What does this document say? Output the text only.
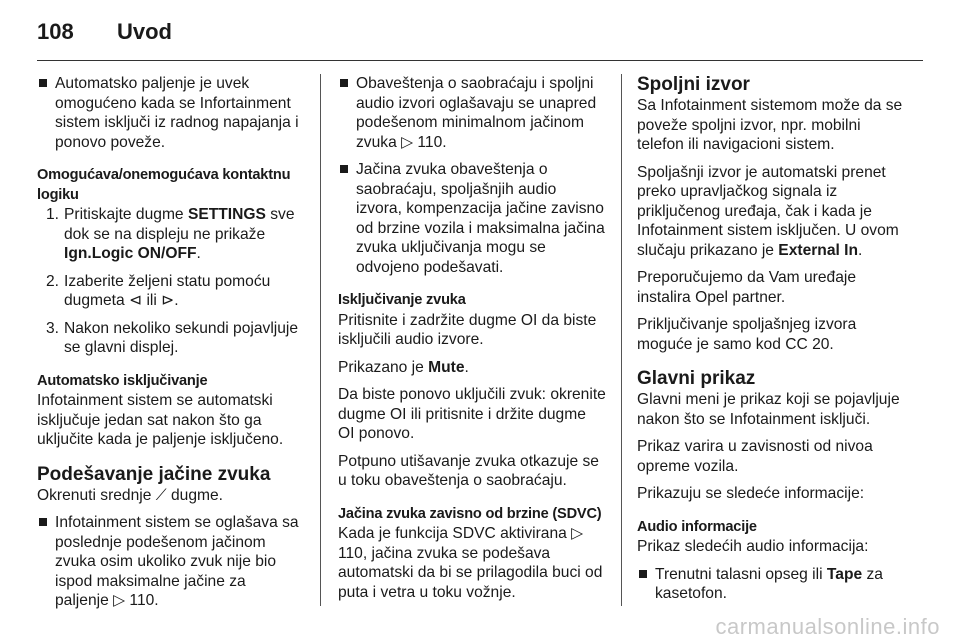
108	Uvod
Automatsko paljenje je uvek omogućeno kada se Infortainment sistem isključi iz radnog napajanja i ponovo poveže.
Omogućava/onemogućava kontaktnu logiku
1. Pritiskajte dugme SETTINGS sve dok se na displeju ne prikaže Ign.Logic ON/OFF.
2. Izaberite željeni statu pomoću dugmeta ⊲ ili ⊳.
3. Nakon nekoliko sekundi pojavljuje se glavni displej.
Automatsko isključivanje

Infotainment sistem se automatski isključuje jedan sat nakon što ga uključite kada je paljenje isključeno.

Podešavanje jačine zvuka

Okrenuti srednje ⟋ dugme.

Infotainment sistem se oglašava sa poslednje podešenom jačinom zvuka osim ukoliko zvuk nije bio ispod maksimalne jačine za paljenje ▷ 110.
Obaveštenja o saobraćaju i spoljni audio izvori oglašavaju se unapred podešenom minimalnom jačinom zvuka ▷ 110.
Jačina zvuka obaveštenja o saobraćaju, spoljašnjih audio izvora, kompenzacija jačine zavisno od brzine vozila i maksimalna jačina zvuka uključivanja mogu se odvojeno podešavati.
Isključivanje zvuka

Pritisnite i zadržite dugme OI da biste isključili audio izvore.

Prikazano je Mute.

Da biste ponovo uključili zvuk: okrenite dugme OI ili pritisnite i držite dugme OI ponovo.

Potpuno utišavanje zvuka otkazuje se u toku obaveštenja o saobraćaju.

Jačina zvuka zavisno od brzine (SDVC)

Kada je funkcija SDVC aktivirana ▷ 110, jačina zvuka se podešava automatski da bi se prilagodila buci od puta i vetra u toku vožnje.

Spoljni izvor

Sa Infotainment sistemom može da se poveže spoljni izvor, npr. mobilni telefon ili navigacioni sistem.

Spoljašnji izvor je automatski prenet preko upravljačkog signala iz priključenog uređaja, čak i kada je Infotainment sistem isključen. U ovom slučaju prikazano je External In.

Preporučujemo da Vam uređaje instalira Opel partner.

Priključivanje spoljašnjeg izvora moguće je samo kod CC 20.

Glavni prikaz

Glavni meni je prikaz koji se pojavljuje nakon što se Infotainment isključi.

Prikaz varira u zavisnosti od nivoa opreme vozila.

Prikazuju se sledeće informacije:

Audio informacije

Prikaz sledećih audio informacija:

Trenutni talasni opseg ili Tape za kasetofon.
carmanualsonline.info
